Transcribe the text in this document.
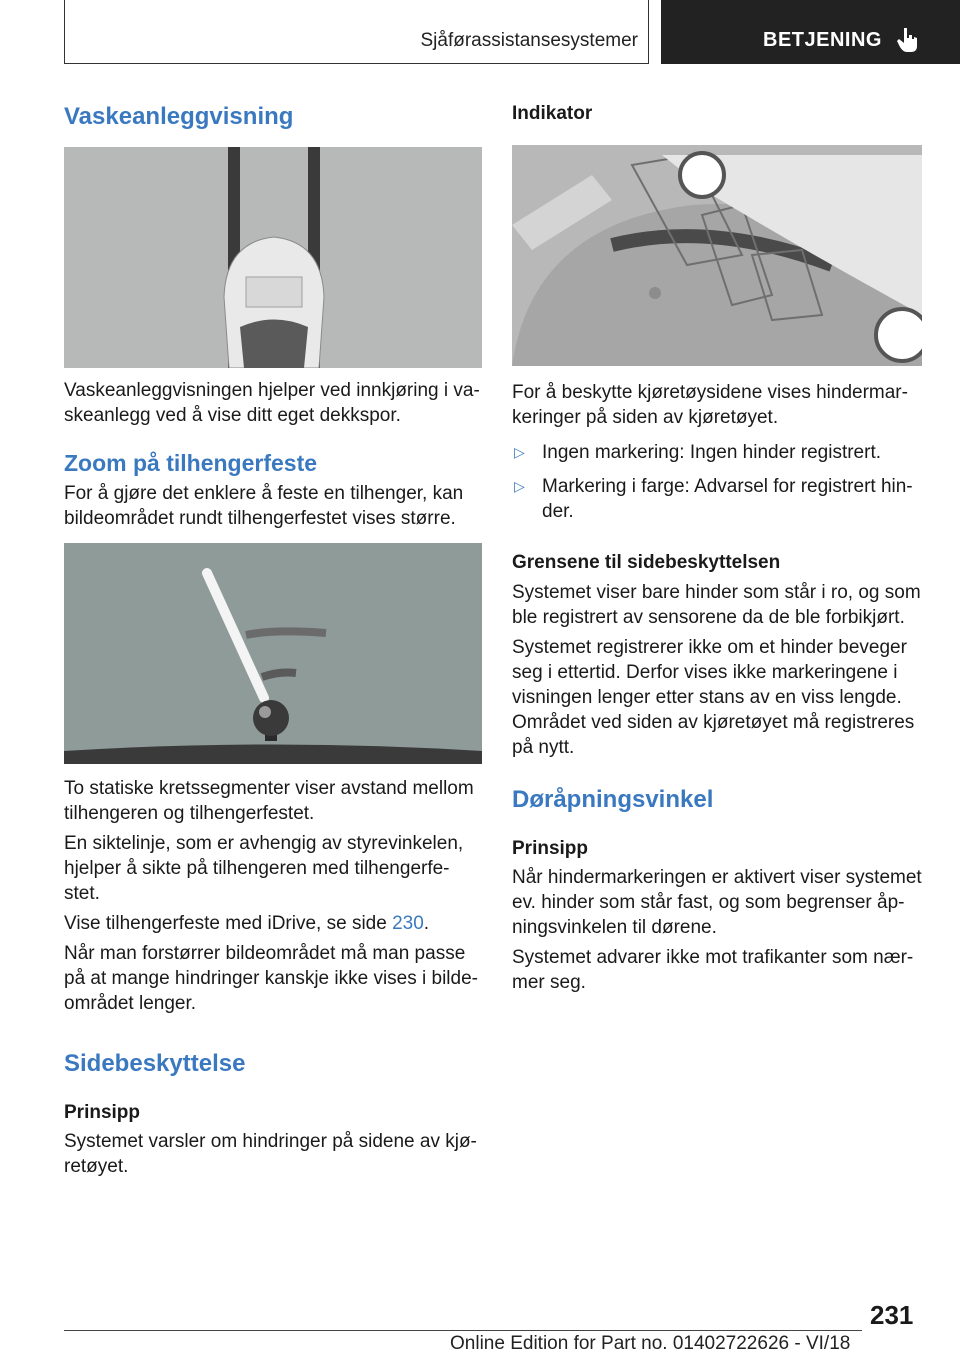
Sjåførassistansesystemer	BETJENING
Vaskeanleggvisning

Vaskeanleggvisningen hjelper ved innkjøring i va-skeanlegg ved å vise ditt eget dekkspor.

Zoom på tilhengerfeste

For å gjøre det enklere å feste en tilhenger, kan bildeområdet rundt tilhengerfestet vises større.

To statiske kretssegmenter viser avstand mellom tilhengeren og tilhengerfestet.

En siktelinje, som er avhengig av styrevinkelen, hjelper å sikte på tilhengeren med tilhengerfe-stet.

Vise tilhengerfeste med iDrive, se side 230.

Når man forstørrer bildeområdet må man passe på at mange hindringer kanskje ikke vises i bilde-området lenger.

Sidebeskyttelse
Prinsipp

Systemet varsler om hindringer på sidene av kjø-retøyet.

Indikator

For å beskytte kjøretøysidene vises hindermar-keringer på siden av kjøretøyet.

▷ Ingen markering: Ingen hinder registrert.
▷ Markering i farge: Advarsel for registrert hin-der.
Grensene til sidebeskyttelsen

Systemet viser bare hinder som står i ro, og som ble registrert av sensorene da de ble forbikjørt.

Systemet registrerer ikke om et hinder beveger seg i ettertid. Derfor vises ikke markeringene i visningen lenger etter stans av en viss lengde. Området ved siden av kjøretøyet må registreres på nytt.

Døråpningsvinkel
Prinsipp

Når hindermarkeringen er aktivert viser systemet ev. hinder som står fast, og som begrenser åp-ningsvinkelen til dørene.

Systemet advarer ikke mot trafikanter som nær-mer seg.

231
Online Edition for Part no. 01402722626 - VI/18
